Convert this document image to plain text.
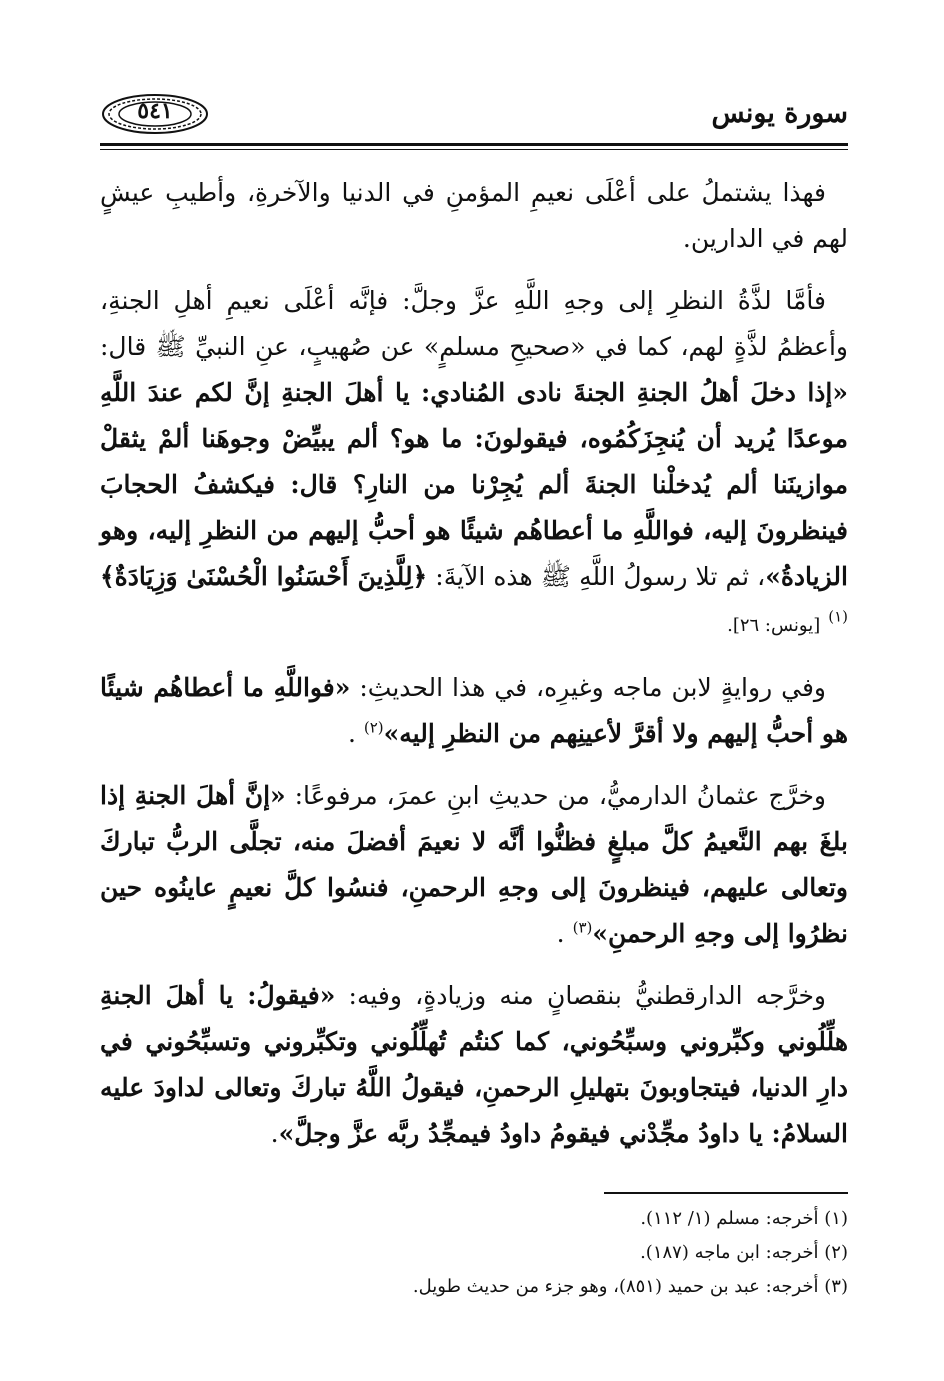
٥٤١	سورة يونس

فهذا يشتملُ على أعْلَى نعيمِ المؤمنِ في الدنيا والآخرةِ، وأطيبِ عيشٍ لهم في الدارين.

فأمَّا لذَّةُ النظرِ إلى وجهِ اللَّهِ عزَّ وجلَّ: فإنَّه أعْلَى نعيمِ أهلِ الجنةِ، وأعظمُ لذَّةٍ لهم، كما في «صحيحِ مسلمٍ» عن صُهيبٍ، عنِ النبيِّ ﷺ قال: «إذا دخلَ أهلُ الجنةِ الجنةَ نادى المُنادي: يا أهلَ الجنةِ إنَّ لكم عندَ اللَّهِ موعدًا يُريد أن يُنجِزَكُمُوه، فيقولونَ: ما هو؟ ألم يبيِّضْ وجوهَنا ألمْ يثقلْ موازينَنا ألم يُدخلْنا الجنةَ ألم يُجِرْنا من النارِ؟ قال: فيكشفُ الحجابَ فينظرونَ إليه، فواللَّهِ ما أعطاهُم شيئًا هو أحبُّ إليهم من النظرِ إليه، وهو الزيادةُ»، ثم تلا رسولُ اللَّهِ ﷺ هذه الآيةَ: ﴿لِلَّذِينَ أَحْسَنُوا الْحُسْنَىٰ وَزِيَادَةٌ﴾$^{(١)}$ [يونس: ٢٦].

وفي روايةٍ لابن ماجه وغيرِه، في هذا الحديثِ: «فواللَّهِ ما أعطاهُم شيئًا هو أحبُّ إليهم ولا أقرَّ لأعينِهم من النظرِ إليه»$^{(٢)}$ .

وخرَّج عثمانُ الدارميُّ، من حديثِ ابنِ عمرَ، مرفوعًا: «إنَّ أهلَ الجنةِ إذا بلغَ بهم النَّعيمُ كلَّ مبلغٍ فظنُّوا أنَّه لا نعيمَ أفضلَ منه، تجلَّى الربُّ تباركَ وتعالى عليهم، فينظرونَ إلى وجهِ الرحمنِ، فنسُوا كلَّ نعيمٍ عاينُوه حين نظرُوا إلى وجهِ الرحمنِ»$^{(٣)}$ .

وخرَّجه الدارقطنيُّ بنقصانٍ منه وزيادةٍ، وفيه: «فيقولُ: يا أهلَ الجنةِ هلِّلُوني وكبِّروني وسبِّحُوني، كما كنتُم تُهلِّلُوني وتكبِّروني وتسبِّحُوني في دارِ الدنيا، فيتجاوبونَ بتهليلِ الرحمنِ، فيقولُ اللَّهُ تباركَ وتعالى لداودَ عليه السلامُ: يا داودُ مجِّدْني فيقومُ داودُ فيمجِّدُ ربَّه عزَّ وجلَّ».

(١) أخرجه: مسلم (١/ ١١٢).
(٢) أخرجه: ابن ماجه (١٨٧).
(٣) أخرجه: عبد بن حميد (٨٥١)، وهو جزء من حديث طويل.
